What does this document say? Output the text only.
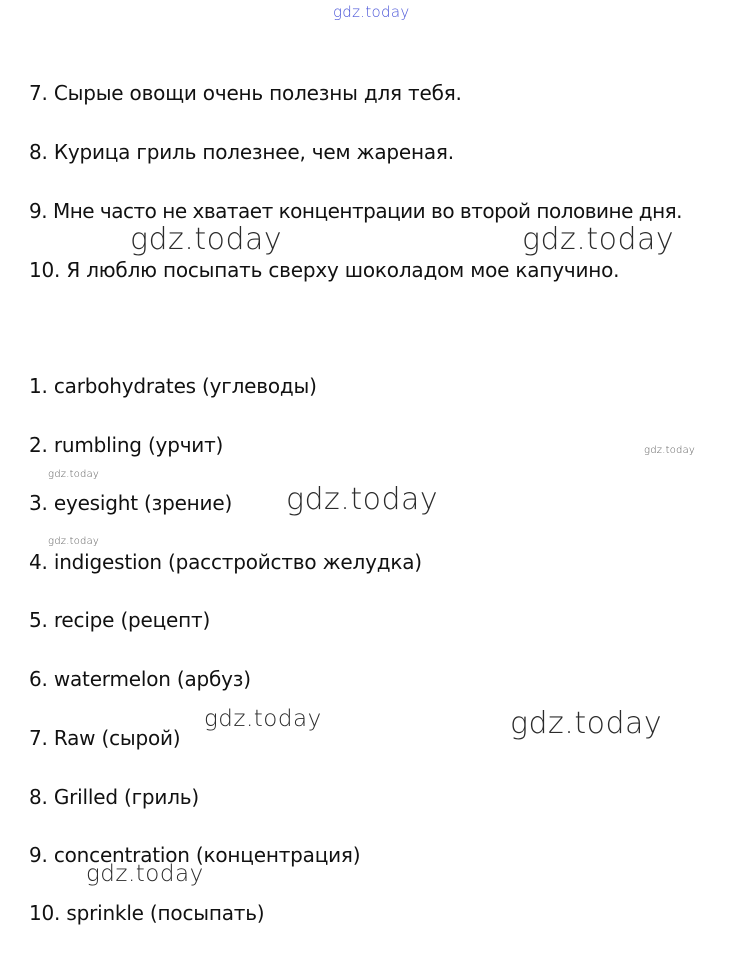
gdz.today
7. Сырые овощи очень полезны для тебя.
8. Курица гриль полезнее, чем жареная.
9. Мне часто не хватает концентрации во второй половине дня.
10. Я люблю посыпать сверху шоколадом мое капучино.
1. carbohydrates (углеводы)
2. rumbling (урчит)
3. eyesight (зрение)
4. indigestion (расстройство желудка)
5. recipe (рецепт)
6. watermelon (арбуз)
7. Raw (сырой)
8. Grilled (гриль)
9. concentration (концентрация)
10. sprinkle (посыпать)
gdz.today	gdz.today
gdz.today
gdz.today
gdz.today
gdz.today
gdz.today	gdz.today
gdz.today
